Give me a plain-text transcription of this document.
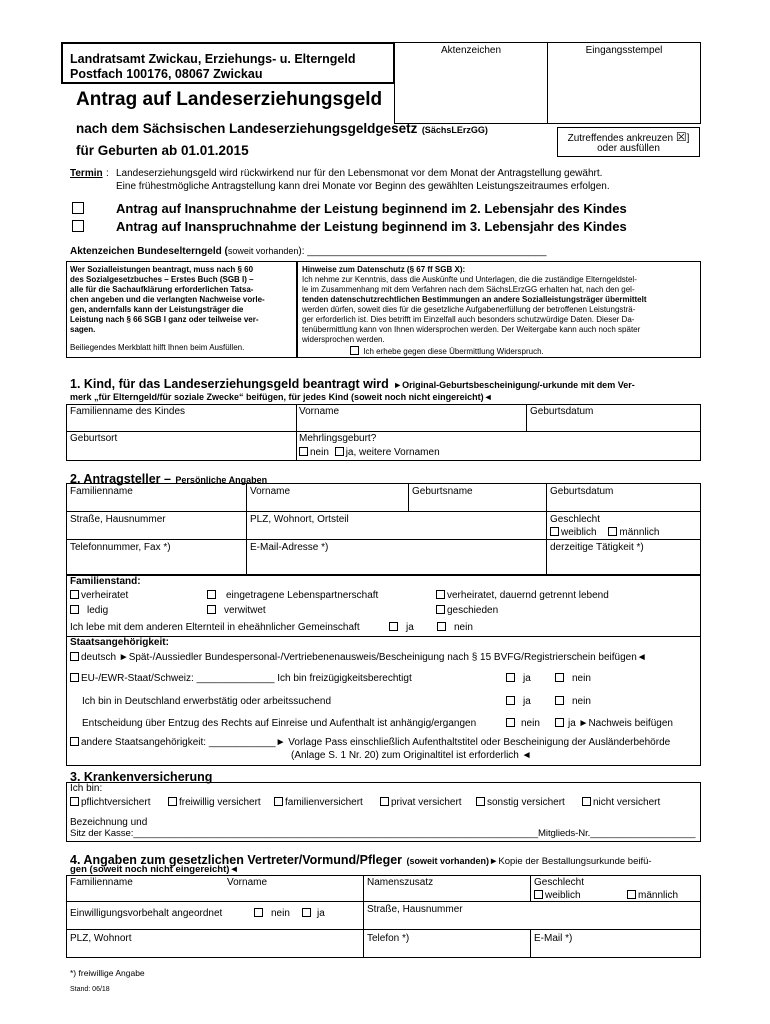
Landratsamt Zwickau, Erziehungs- u. Elterngeld
Postfach 100176, 08067 Zwickau
Aktenzeichen	Eingangsstempel
Antrag auf Landeserziehungsgeld
nach dem Sächsischen Landeserziehungsgeldgesetz (SächsLErzGG)
für Geburten ab 01.01.2015
Zutreffendes ankreuzen ☒]
oder ausfüllen
Termin : Landeserziehungsgeld wird rückwirkend nur für den Lebensmonat vor dem Monat der Antragstellung gewährt.
Eine frühestmögliche Antragstellung kann drei Monate vor Beginn des gewählten Leistungszeitraumes erfolgen.
Antrag auf Inanspruchnahme der Leistung beginnend im 2. Lebensjahr des Kindes
Antrag auf Inanspruchnahme der Leistung beginnend im 3. Lebensjahr des Kindes
Aktenzeichen Bundeselterngeld (soweit vorhanden): ___________________________________________
Wer Sozialleistungen beantragt, muss nach § 60
des Sozialgesetzbuches – Erstes Buch (SGB I) –
alle für die Sachaufklärung erforderlichen Tatsa-
chen angeben und die verlangten Nachweise vorle-
gen, andernfalls kann der Leistungsträger die
Leistung nach § 66 SGB I ganz oder teilweise ver-
sagen.
Beiliegendes Merkblatt hilft Ihnen beim Ausfüllen.
Hinweise zum Datenschutz (§ 67 ff SGB X):
Ich nehme zur Kenntnis, dass die Auskünfte und Unterlagen, die die zuständige Elterngeldstel-
le im Zusammenhang mit dem Verfahren nach dem SächsLErzGG erhalten hat, nach den gel-
tenden datenschutzrechtlichen Bestimmungen an andere Sozialleistungsträger übermittelt
werden dürfen, soweit dies für die gesetzliche Aufgabenerfüllung der betroffenen Leistungsträ-
ger erforderlich ist. Dies betrifft im Einzelfall auch besonders schutzwürdige Daten. Dieser Da-
tenübermittlung kann von Ihnen widersprochen werden. Der Weitergabe kann auch noch später
widersprochen werden.
Ich erhebe gegen diese Übermittlung Widerspruch.
1. Kind, für das Landeserziehungsgeld beantragt wird ►Original-Geburtsbescheinigung/-urkunde mit dem Ver-
merk „für Elterngeld/für soziale Zwecke“ beifügen, für jedes Kind (soweit noch nicht eingereicht)◄
Familienname des Kindes	Vorname	Geburtsdatum
Geburtsort	Mehrlingsgeburt?
nein ja, weitere Vornamen
2. Antragsteller – Persönliche Angaben
Familienname	Vorname	Geburtsname	Geburtsdatum
Straße, Hausnummer	PLZ, Wohnort, Ortsteil	Geschlecht
weiblich männlich
Telefonnummer, Fax *)	E-Mail-Adresse *)	derzeitige Tätigkeit *)
Familienstand:
verheiratet	eingetragene Lebenspartnerschaft	verheiratet, dauernd getrennt lebend
ledig	verwitwet	geschieden
Ich lebe mit dem anderen Elternteil in eheähnlicher Gemeinschaft	ja	nein
Staatsangehörigkeit:
deutsch ►Spät-/Aussiedler Bundespersonal-/Vertriebenenausweis/Bescheinigung nach § 15 BVFG/Registrierschein beifügen◄
EU-/EWR-Staat/Schweiz: ______________ Ich bin freizügigkeitsberechtigt	ja	nein
Ich bin in Deutschland erwerbstätig oder arbeitssuchend	ja	nein
Entscheidung über Entzug des Rechts auf Einreise und Aufenthalt ist anhängig/ergangen	nein	ja ►Nachweis beifügen
andere Staatsangehörigkeit: ____________► Vorlage Pass einschließlich Aufenthaltstitel oder Bescheinigung der Ausländerbehörde
(Anlage S. 1 Nr. 20) zum Originaltitel ist erforderlich ◄
3. Krankenversicherung
Ich bin:
pflichtversichert	freiwillig versichert	familienversichert	privat versichert	sonstig versichert	nicht versichert
Bezeichnung und
Sitz der Kasse:_____________________________________________________________________________Mitglieds-Nr.____________________
4. Angaben zum gesetzlichen Vertreter/Vormund/Pfleger (soweit vorhanden)►Kopie der Bestallungsurkunde beifü-
gen (soweit noch nicht eingereicht)◄
Familienname	Vorname	Namenszusatz	Geschlecht
weiblich	männlich
Einwilligungsvorbehalt angeordnet	nein	ja	Straße, Hausnummer
PLZ, Wohnort	Telefon *)	E-Mail *)
*) freiwillige Angabe
Stand: 06/18
